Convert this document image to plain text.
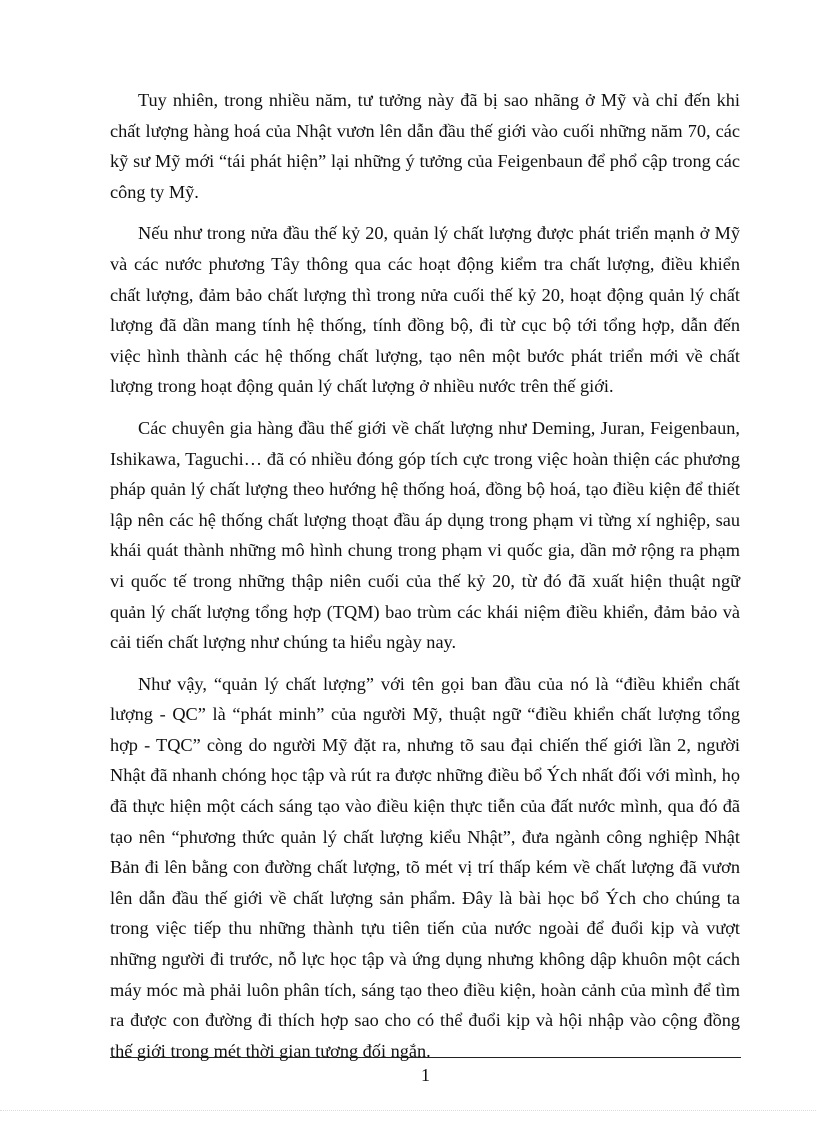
Tuy nhiên, trong nhiều năm, tư tưởng này đã bị sao nhãng ở Mỹ và chỉ đến khi chất lượng hàng hoá của Nhật vươn lên dẫn đầu thế giới vào cuối những năm 70, các kỹ sư Mỹ mới “tái phát hiện” lại những ý tưởng của Feigenbaun để phổ cập trong các công ty Mỹ.

Nếu như trong nửa đầu thế kỷ 20, quản lý chất lượng được phát triển mạnh ở Mỹ và các nước phương Tây thông qua các hoạt động kiểm tra chất lượng, điều khiển chất lượng, đảm bảo chất lượng thì trong nửa cuối thế kỷ 20, hoạt động quản lý chất lượng đã dần mang tính hệ thống, tính đồng bộ, đi từ cục bộ tới tổng hợp, dẫn đến việc hình thành các hệ thống chất lượng, tạo nên một bước phát triển mới về chất lượng trong hoạt động quản lý chất lượng ở nhiều nước trên thế giới.

Các chuyên gia hàng đầu thế giới về chất lượng như Deming, Juran, Feigenbaun, Ishikawa, Taguchi… đã có nhiều đóng góp tích cực trong việc hoàn thiện các phương pháp quản lý chất lượng theo hướng hệ thống hoá, đồng bộ hoá, tạo điều kiện để thiết lập nên các hệ thống chất lượng thoạt đầu áp dụng trong phạm vi từng xí nghiệp, sau khái quát thành những mô hình chung trong phạm vi quốc gia, dần mở rộng ra phạm vi quốc tế trong những thập niên cuối của thế kỷ 20, từ đó đã xuất hiện thuật ngữ quản lý chất lượng tổng hợp (TQM) bao trùm các khái niệm điều khiển, đảm bảo và cải tiến chất lượng như chúng ta hiểu ngày nay.

Như vậy, “quản lý chất lượng” với tên gọi ban đầu của nó là “điều khiển chất lượng - QC” là “phát minh” của người Mỹ, thuật ngữ “điều khiển chất lượng tổng hợp - TQC” còng do người Mỹ đặt ra, nhưng tõ sau đại chiến thế giới lần 2, người Nhật đã nhanh chóng học tập và rút ra được những điều bổ Ých nhất đối với mình, họ đã thực hiện một cách sáng tạo vào điều kiện thực tiễn của đất nước mình, qua đó đã tạo nên “phương thức quản lý chất lượng kiểu Nhật”, đưa ngành công nghiệp Nhật Bản đi lên bằng con đường chất lượng, tõ mét vị trí thấp kém về chất lượng đã vươn lên dẫn đầu thế giới về chất lượng sản phẩm. Đây là bài học bổ Ých cho chúng ta trong việc tiếp thu những thành tựu tiên tiến của nước ngoài để đuổi kịp và vượt những người đi trước, nỗ lực học tập và ứng dụng nhưng không dập khuôn một cách máy móc mà phải luôn phân tích, sáng tạo theo điều kiện, hoàn cảnh của mình để tìm ra được con đường đi thích hợp sao cho có thể đuổi kịp và hội nhập vào cộng đồng thế giới trong mét thời gian tương đối ngắn.

1
